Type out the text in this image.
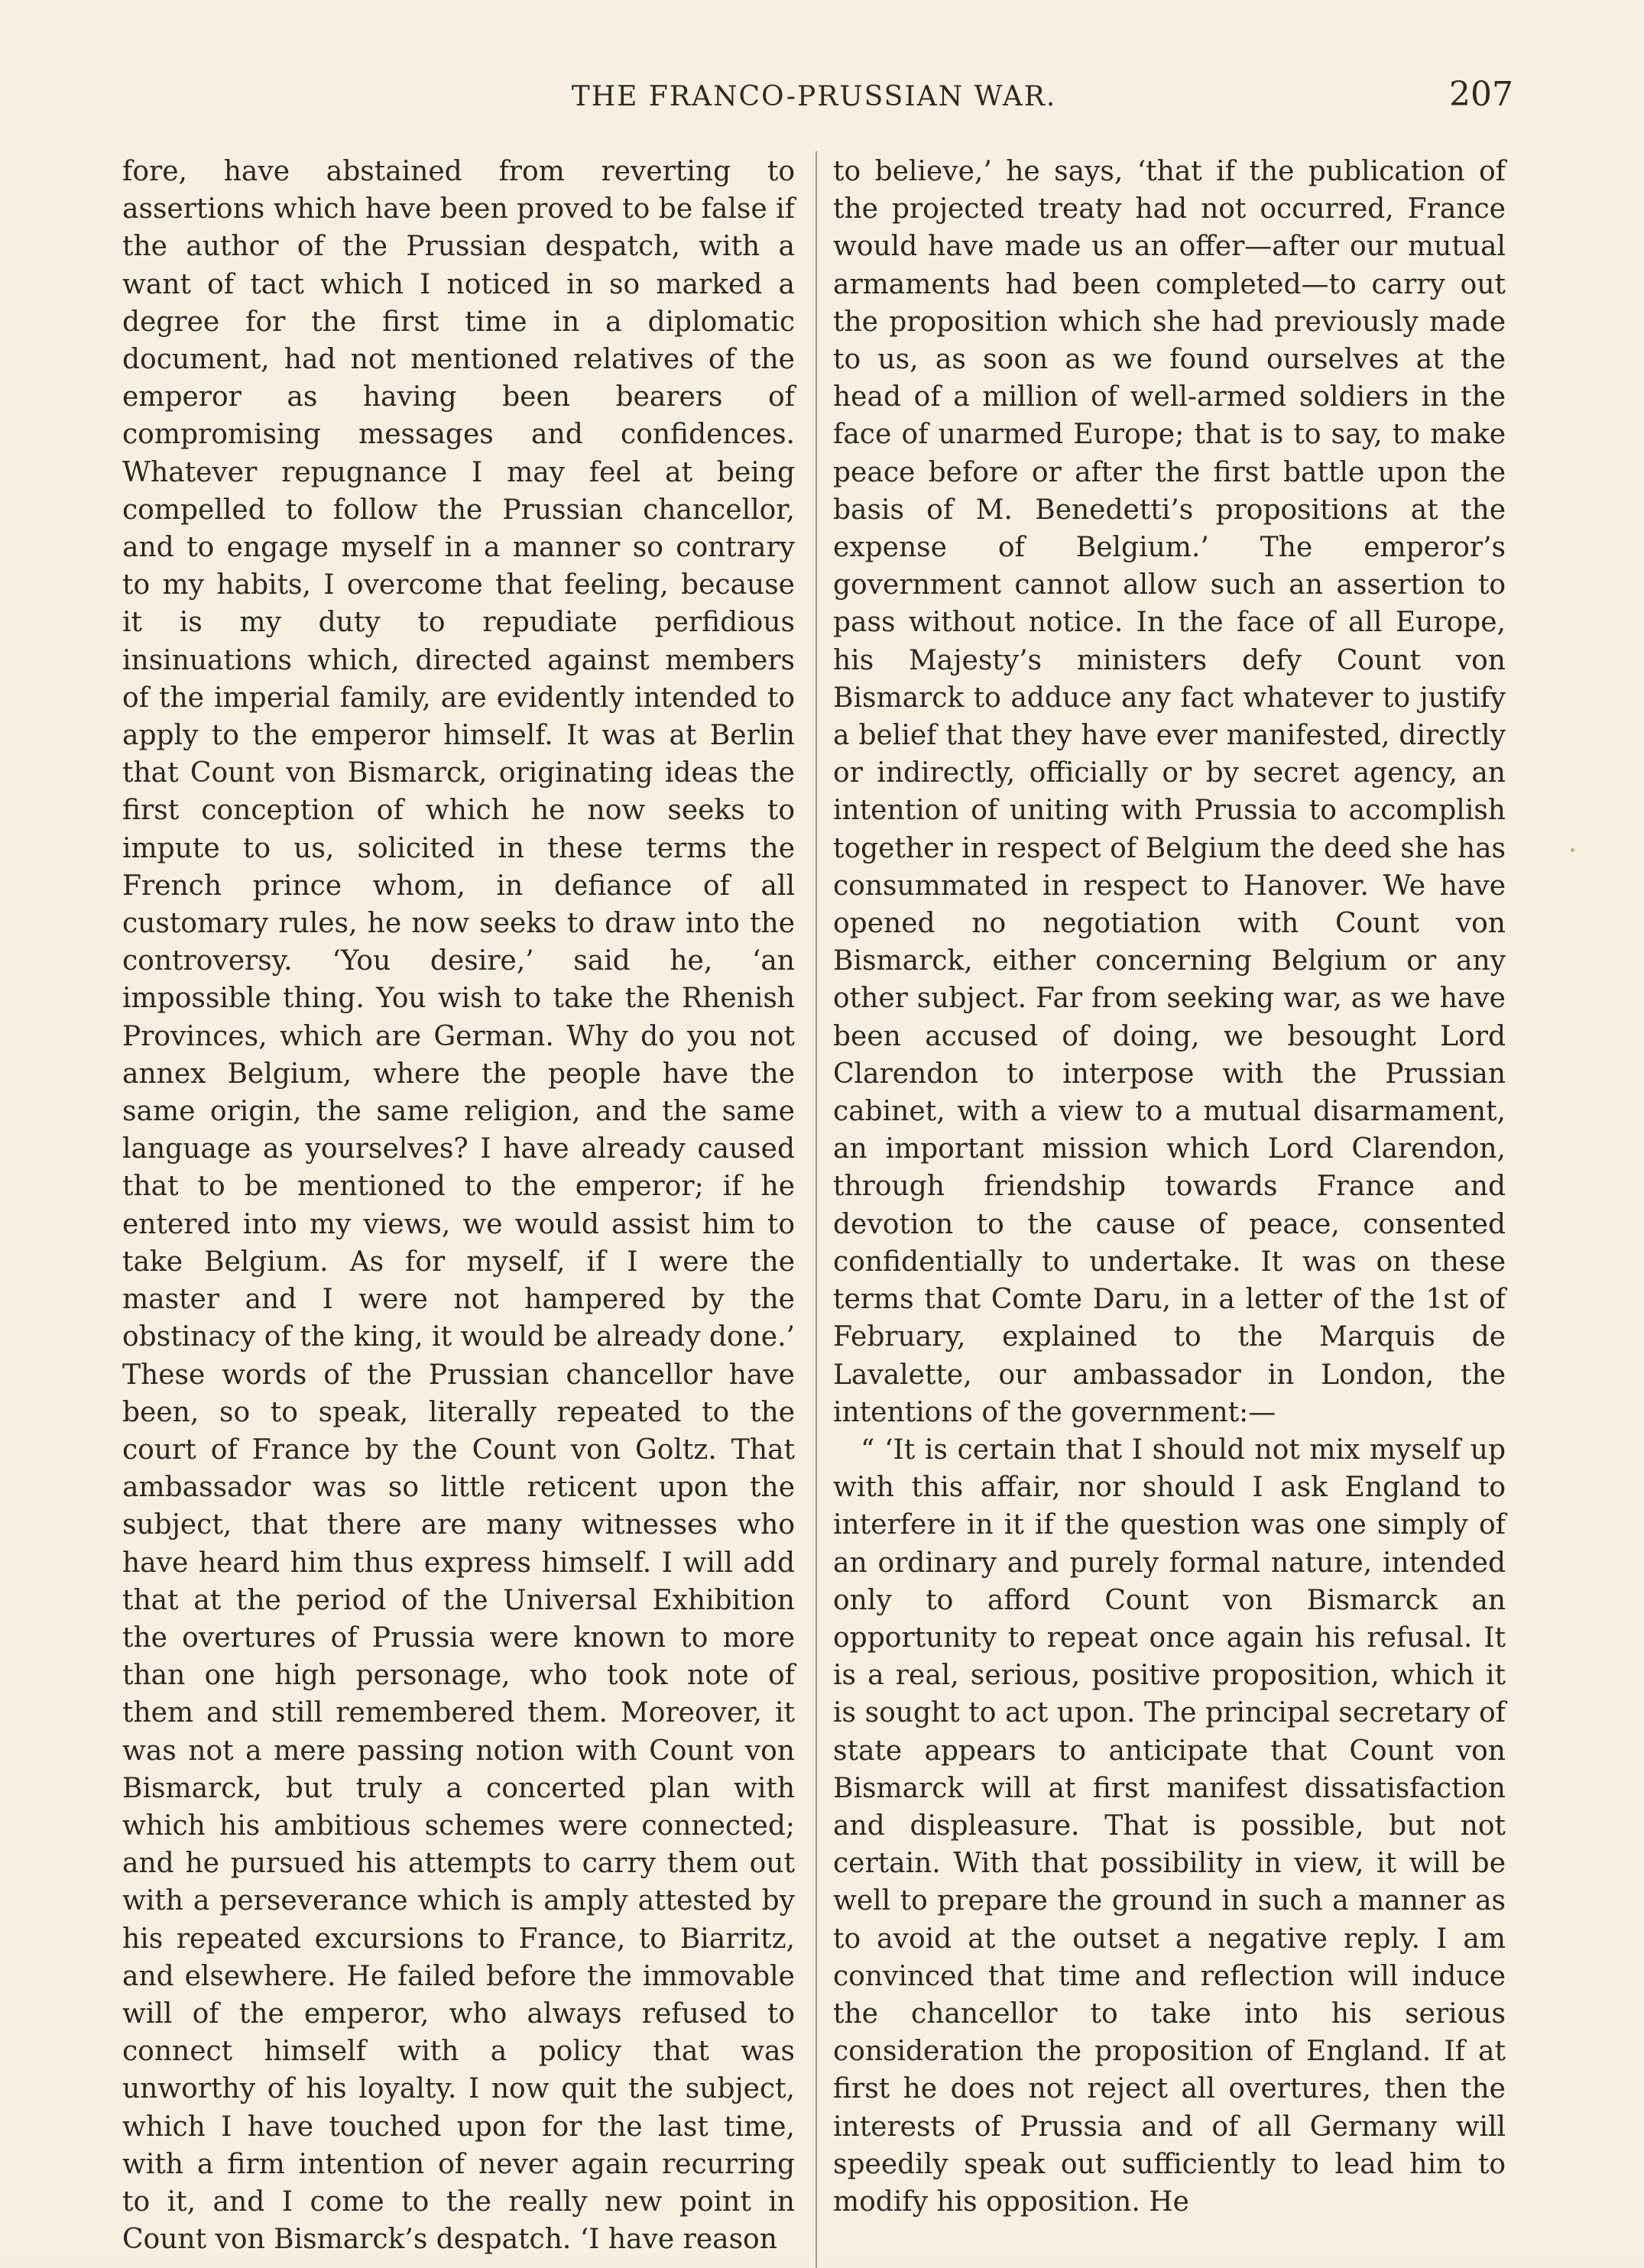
THE FRANCO-PRUSSIAN WAR.	207

fore, have abstained from reverting to assertions which have been proved to be false if the author of the Prussian despatch, with a want of tact which I noticed in so marked a degree for the first time in a diplomatic document, had not mentioned relatives of the emperor as having been bearers of compromising messages and confidences. Whatever repugnance I may feel at being compelled to follow the Prussian chancellor, and to engage myself in a manner so contrary to my habits, I overcome that feeling, because it is my duty to repudiate perfidious insinuations which, directed against members of the imperial family, are evidently intended to apply to the emperor himself. It was at Berlin that Count von Bismarck, originating ideas the first conception of which he now seeks to impute to us, solicited in these terms the French prince whom, in defiance of all customary rules, he now seeks to draw into the controversy. ‘You desire,’ said he, ‘an impossible thing. You wish to take the Rhenish Provinces, which are German. Why do you not annex Belgium, where the people have the same origin, the same religion, and the same language as yourselves? I have already caused that to be mentioned to the emperor; if he entered into my views, we would assist him to take Belgium. As for myself, if I were the master and I were not hampered by the obstinacy of the king, it would be already done.’ These words of the Prussian chancellor have been, so to speak, literally repeated to the court of France by the Count von Goltz. That ambassador was so little reticent upon the subject, that there are many witnesses who have heard him thus express himself. I will add that at the period of the Universal Exhibition the overtures of Prussia were known to more than one high personage, who took note of them and still remembered them. Moreover, it was not a mere passing notion with Count von Bismarck, but truly a concerted plan with which his ambitious schemes were connected; and he pursued his attempts to carry them out with a perseverance which is amply attested by his repeated excursions to France, to Biarritz, and elsewhere. He failed before the immovable will of the emperor, who always refused to connect himself with a policy that was unworthy of his loyalty. I now quit the subject, which I have touched upon for the last time, with a firm intention of never again recurring to it, and I come to the really new point in Count von Bismarck’s despatch. ‘I have reason

to believe,’ he says, ‘that if the publication of the projected treaty had not occurred, France would have made us an offer—after our mutual armaments had been completed—to carry out the proposition which she had previously made to us, as soon as we found ourselves at the head of a million of well-armed soldiers in the face of unarmed Europe; that is to say, to make peace before or after the first battle upon the basis of M. Benedetti’s propositions at the expense of Belgium.’ The emperor’s government cannot allow such an assertion to pass without notice. In the face of all Europe, his Majesty’s ministers defy Count von Bismarck to adduce any fact whatever to justify a belief that they have ever manifested, directly or indirectly, officially or by secret agency, an intention of uniting with Prussia to accomplish together in respect of Belgium the deed she has consummated in respect to Hanover. We have opened no negotiation with Count von Bismarck, either concerning Belgium or any other subject. Far from seeking war, as we have been accused of doing, we besought Lord Clarendon to interpose with the Prussian cabinet, with a view to a mutual disarmament, an important mission which Lord Clarendon, through friendship towards France and devotion to the cause of peace, consented confidentially to undertake. It was on these terms that Comte Daru, in a letter of the 1st of February, explained to the Marquis de Lavalette, our ambassador in London, the intentions of the government:—

“ ‘It is certain that I should not mix myself up with this affair, nor should I ask England to interfere in it if the question was one simply of an ordinary and purely formal nature, intended only to afford Count von Bismarck an opportunity to repeat once again his refusal. It is a real, serious, positive proposition, which it is sought to act upon. The principal secretary of state appears to anticipate that Count von Bismarck will at first manifest dissatisfaction and displeasure. That is possible, but not certain. With that possibility in view, it will be well to prepare the ground in such a manner as to avoid at the outset a negative reply. I am convinced that time and reflection will induce the chancellor to take into his serious consideration the proposition of England. If at first he does not reject all overtures, then the interests of Prussia and of all Germany will speedily speak out sufficiently to lead him to modify his opposition. He
